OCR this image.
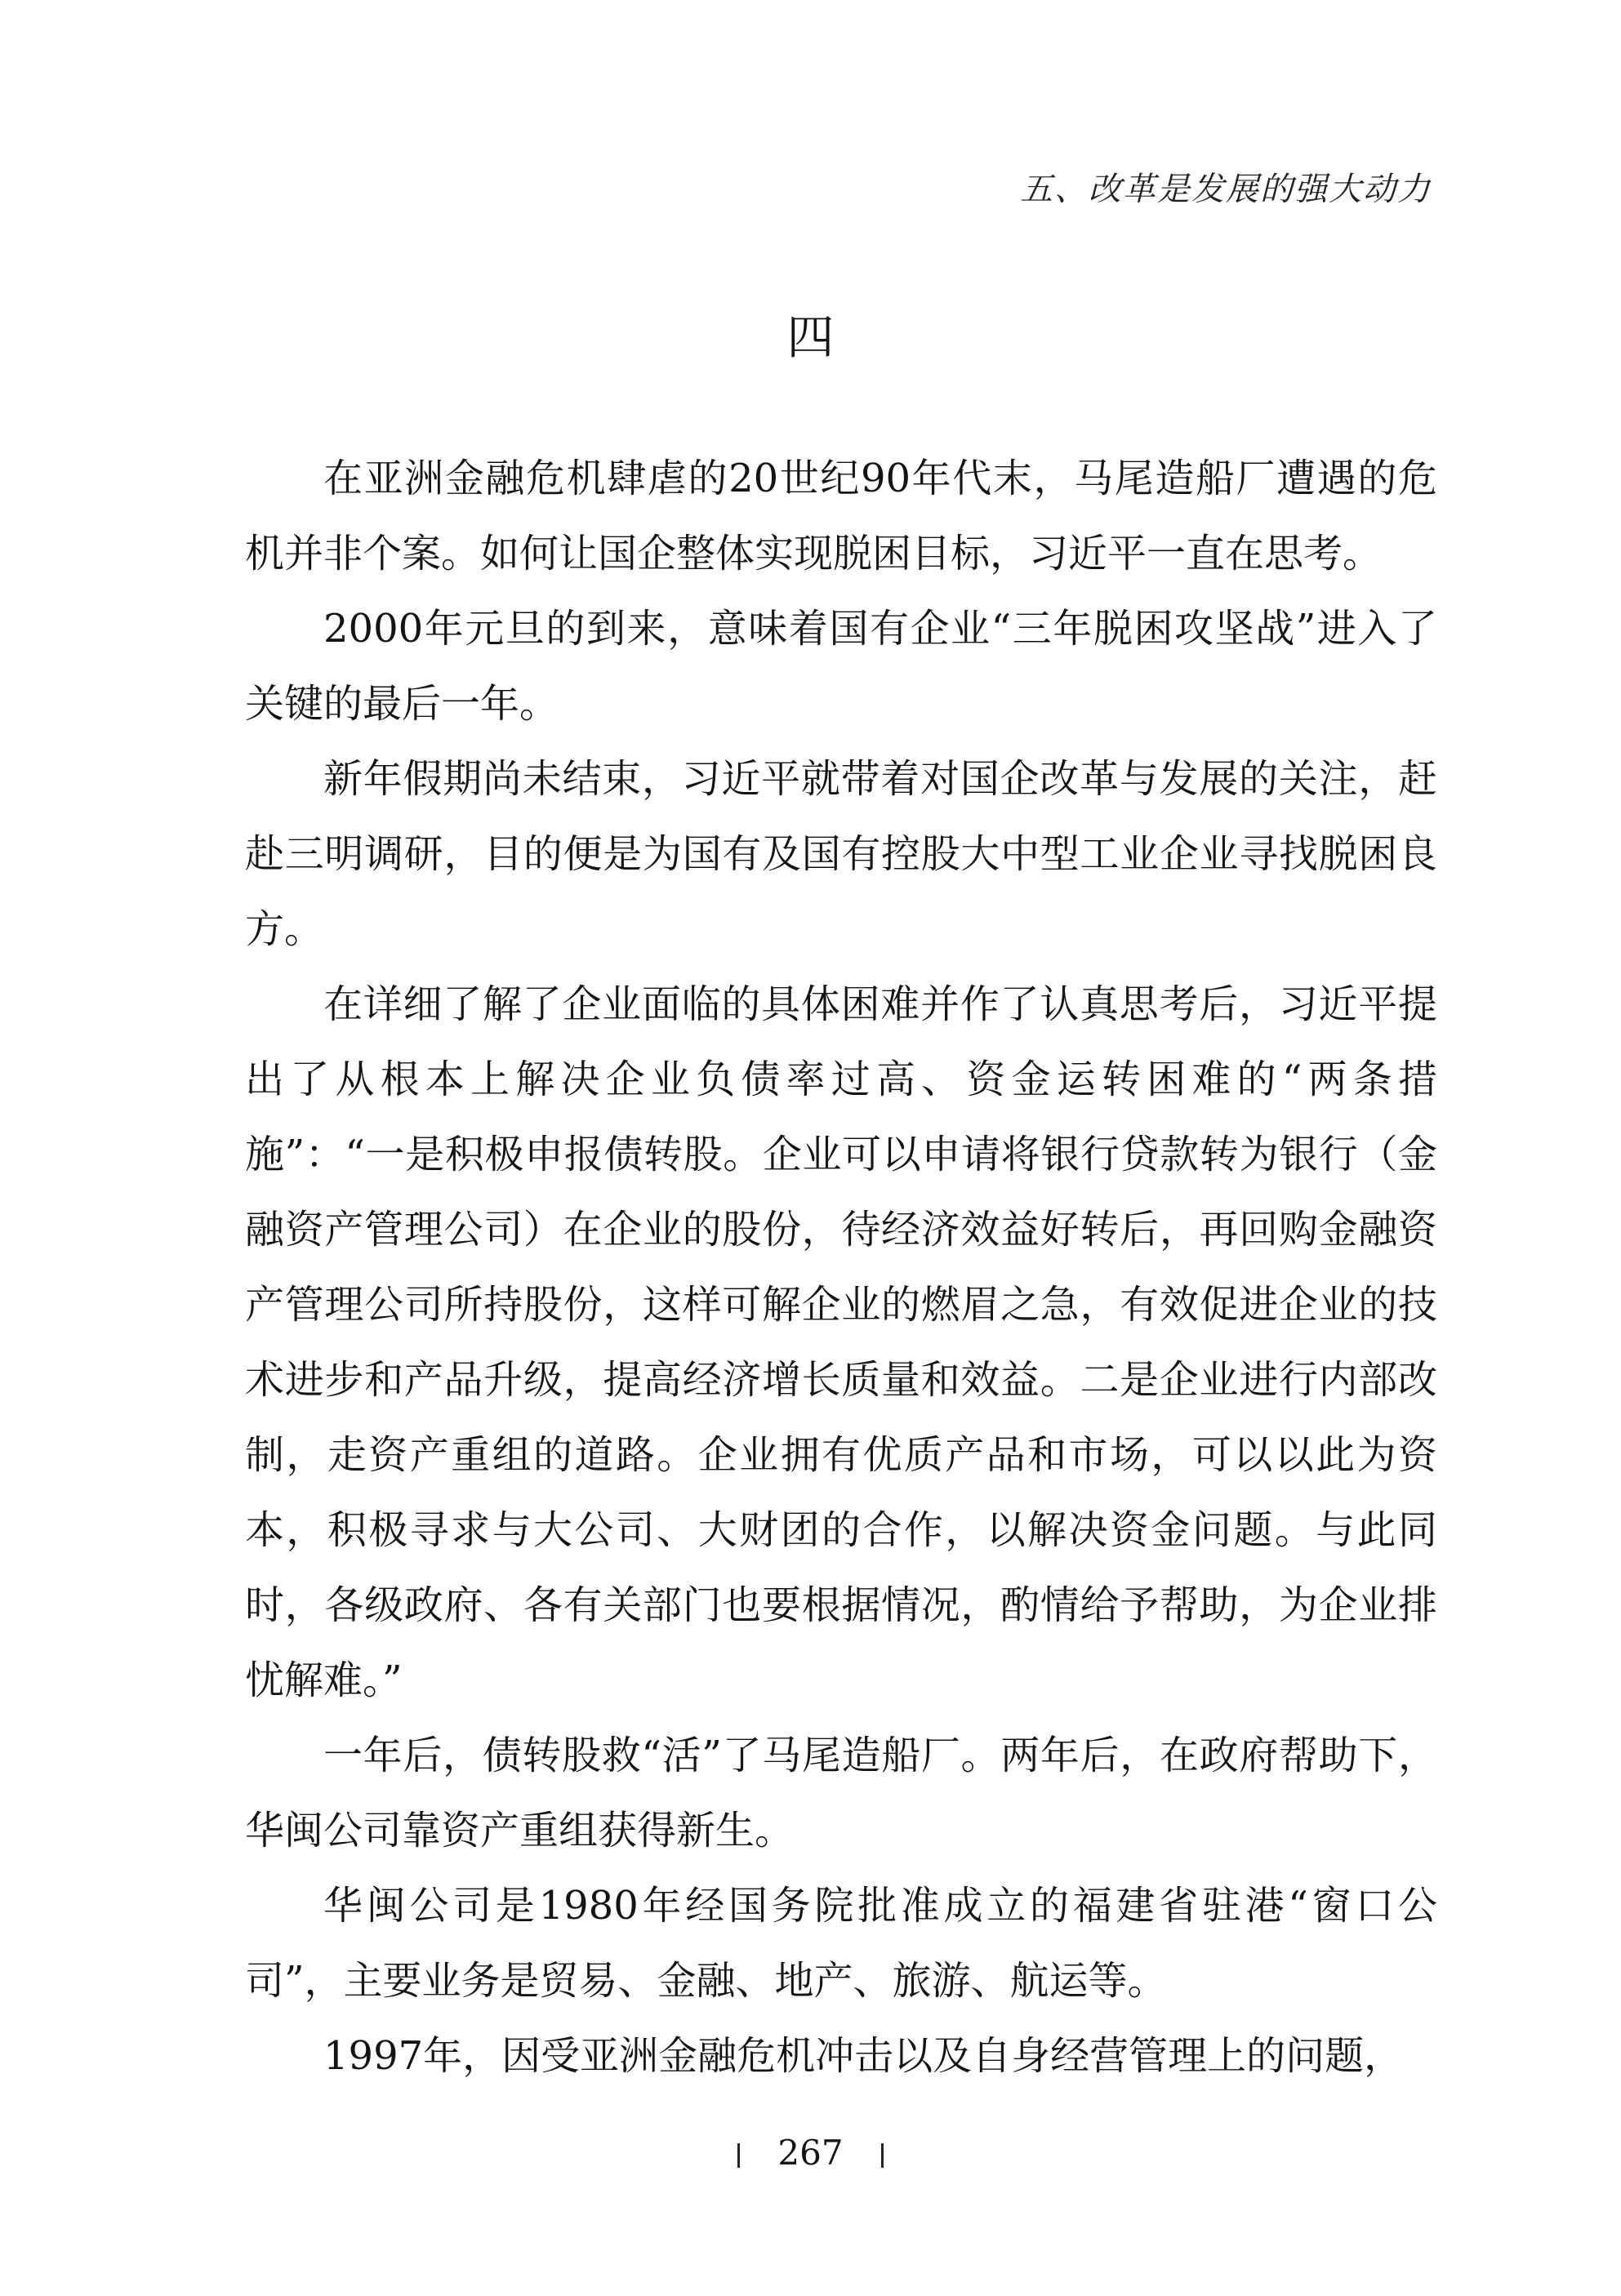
五、改革是发展的强大动力
四

在亚洲金融危机肆虐的20世纪90年代末，马尾造船厂遭遇的危机并非个案。如何让国企整体实现脱困目标，习近平一直在思考。

2000年元旦的到来，意味着国有企业“三年脱困攻坚战”进入了关键的最后一年。

新年假期尚未结束，习近平就带着对国企改革与发展的关注，赶赴三明调研，目的便是为国有及国有控股大中型工业企业寻找脱困良方。

在详细了解了企业面临的具体困难并作了认真思考后，习近平提出了从根本上解决企业负债率过高、资金运转困难的“两条措施”：“一是积极申报债转股。企业可以申请将银行贷款转为银行（金融资产管理公司）在企业的股份，待经济效益好转后，再回购金融资产管理公司所持股份，这样可解企业的燃眉之急，有效促进企业的技术进步和产品升级，提高经济增长质量和效益。二是企业进行内部改制，走资产重组的道路。企业拥有优质产品和市场，可以以此为资本，积极寻求与大公司、大财团的合作，以解决资金问题。与此同时，各级政府、各有关部门也要根据情况，酌情给予帮助，为企业排忧解难。”

一年后，债转股救“活”了马尾造船厂。两年后，在政府帮助下，华闽公司靠资产重组获得新生。

华闽公司是1980年经国务院批准成立的福建省驻港“窗口公司”，主要业务是贸易、金融、地产、旅游、航运等。

1997年，因受亚洲金融危机冲击以及自身经营管理上的问题，

267
